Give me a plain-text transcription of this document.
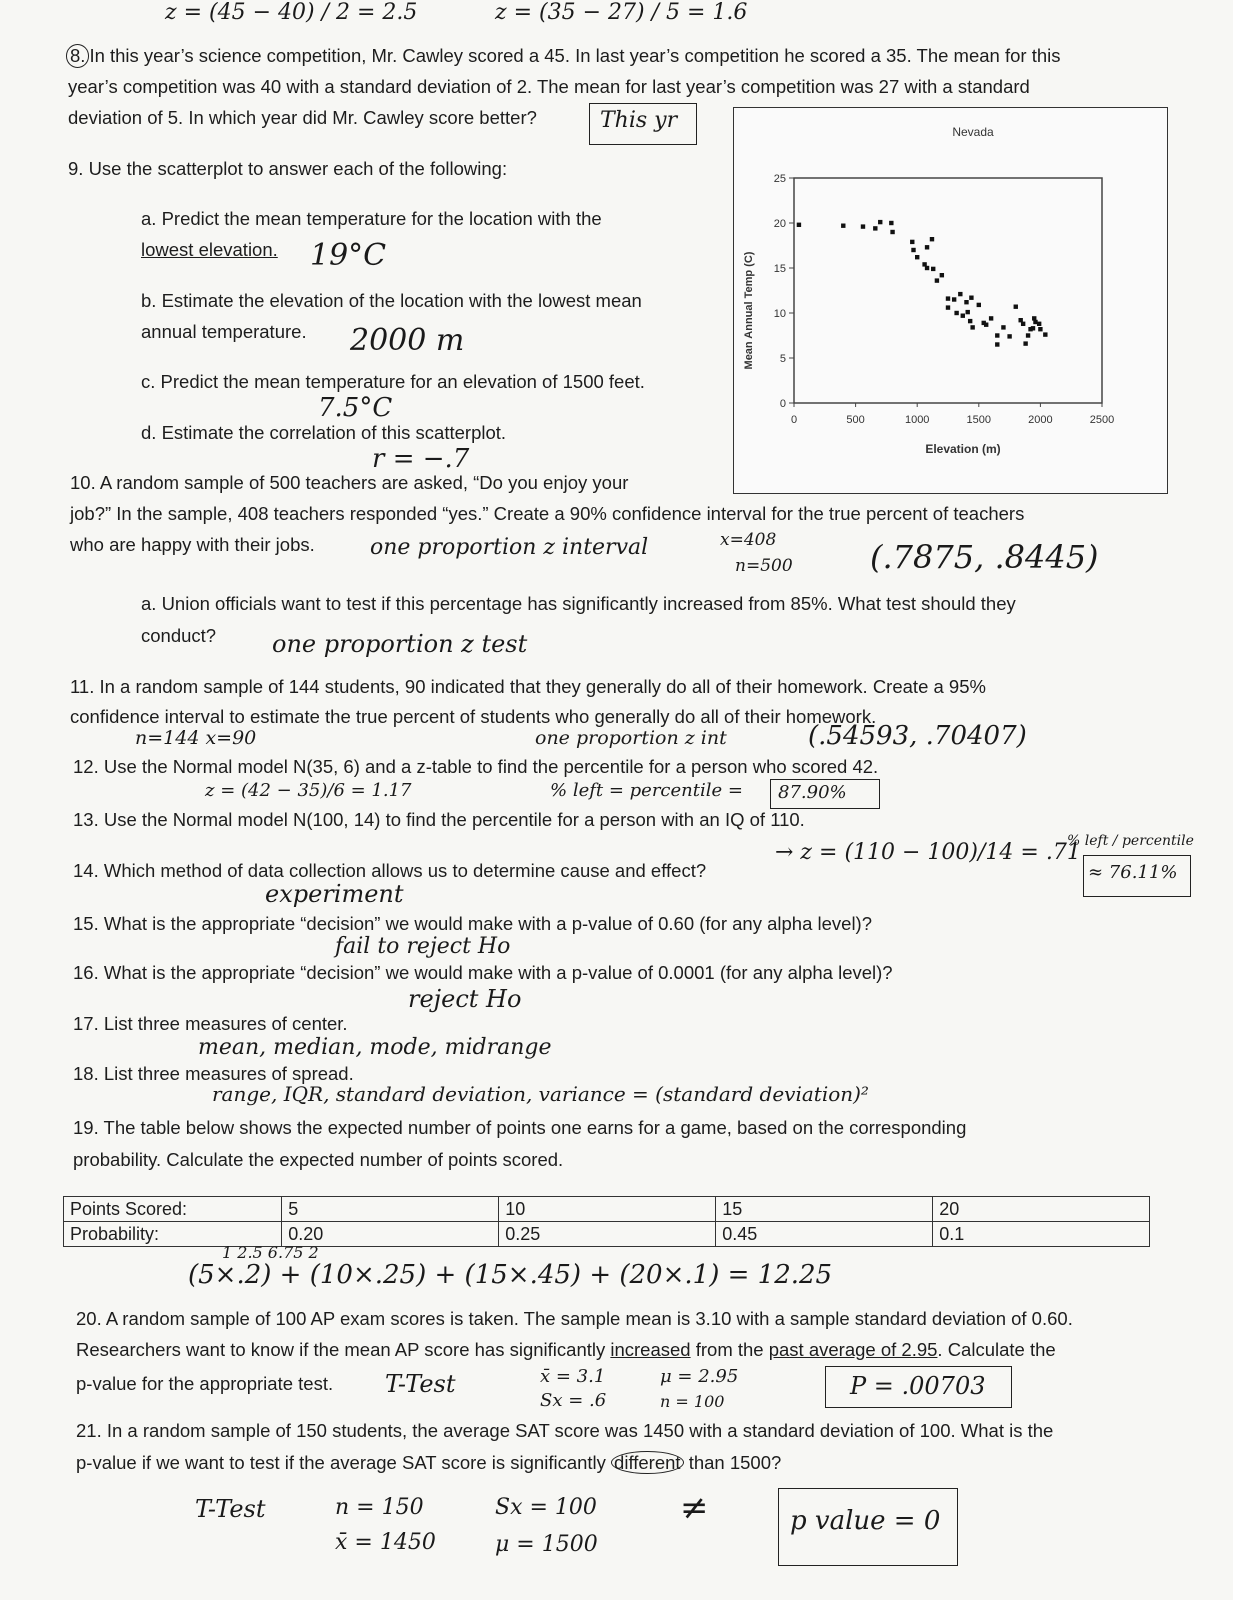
z = (45 − 40) / 2 = 2.5	z = (35 − 27) / 5 = 1.6
8. In this year’s science competition, Mr. Cawley scored a 45. In last year’s competition he scored a 35. The mean for this
year’s competition was 40 with a standard deviation of 2. The mean for last year’s competition was 27 with a standard
deviation of 5. In which year did Mr. Cawley score better?	This yr
9. Use the scatterplot to answer each of the following:
a. Predict the mean temperature for the location with the
lowest elevation. 19°C
b. Estimate the elevation of the location with the lowest mean
annual temperature. 2000 m
c. Predict the mean temperature for an elevation of 1500 feet.
7.5°C
d. Estimate the correlation of this scatterplot.
r = −.7
0
5
10
15
20
25
0	500	1000	1500	2000	2500
Nevada
Elevation (m)
Mean Annual Temp (C)
10. A random sample of 500 teachers are asked, “Do you enjoy your
job?” In the sample, 408 teachers responded “yes.” Create a 90% confidence interval for the true percent of teachers
who are happy with their jobs.	one proportion z interval	x=408
n=500 (.7875, .8445)
a. Union officials want to test if this percentage has significantly increased from 85%. What test should they
conduct? one proportion z test
11. In a random sample of 144 students, 90 indicated that they generally do all of their homework. Create a 95%
confidence interval to estimate the true percent of students who generally do all of their homework.
n=144 x=90	one proportion z int	(.54593, .70407)
12. Use the Normal model N(35, 6) and a z-table to find the percentile for a person who scored 42.
z = (42 − 35)/6 = 1.17	% left = percentile = 87.90%
13. Use the Normal model N(100, 14) to find the percentile for a person with an IQ of 110.
→ z = (110 − 100)/14 = .71
% left / percentile
≈ 76.11%
14. Which method of data collection allows us to determine cause and effect?
experiment
15. What is the appropriate “decision” we would make with a p-value of 0.60 (for any alpha level)?
fail to reject Ho
16. What is the appropriate “decision” we would make with a p-value of 0.0001 (for any alpha level)?
reject Ho
17. List three measures of center.
mean, median, mode, midrange
18. List three measures of spread.
range, IQR, standard deviation, variance = (standard deviation)²
19. The table below shows the expected number of points one earns for a game, based on the corresponding
probability. Calculate the expected number of points scored.
Points Scored:	5	10	15	20
Probability:	0.20	0.25	0.45	0.1
1 2.5 6.75 2
(5×.2) + (10×.25) + (15×.45) + (20×.1) = 12.25
20. A random sample of 100 AP exam scores is taken. The sample mean is 3.10 with a sample standard deviation of 0.60.
Researchers want to know if the mean AP score has significantly increased from the past average of 2.95. Calculate the
p-value for the appropriate test. T-Test	x̄ = 3.1
Sx = .6
μ = 2.95
n = 100
P = .00703
21. In a random sample of 150 students, the average SAT score was 1450 with a standard deviation of 100. What is the
p-value if we want to test if the average SAT score is significantly different than 1500?
T-Test	n = 150
x̄ = 1450
Sx = 100
μ = 1500
≠	p value = 0
